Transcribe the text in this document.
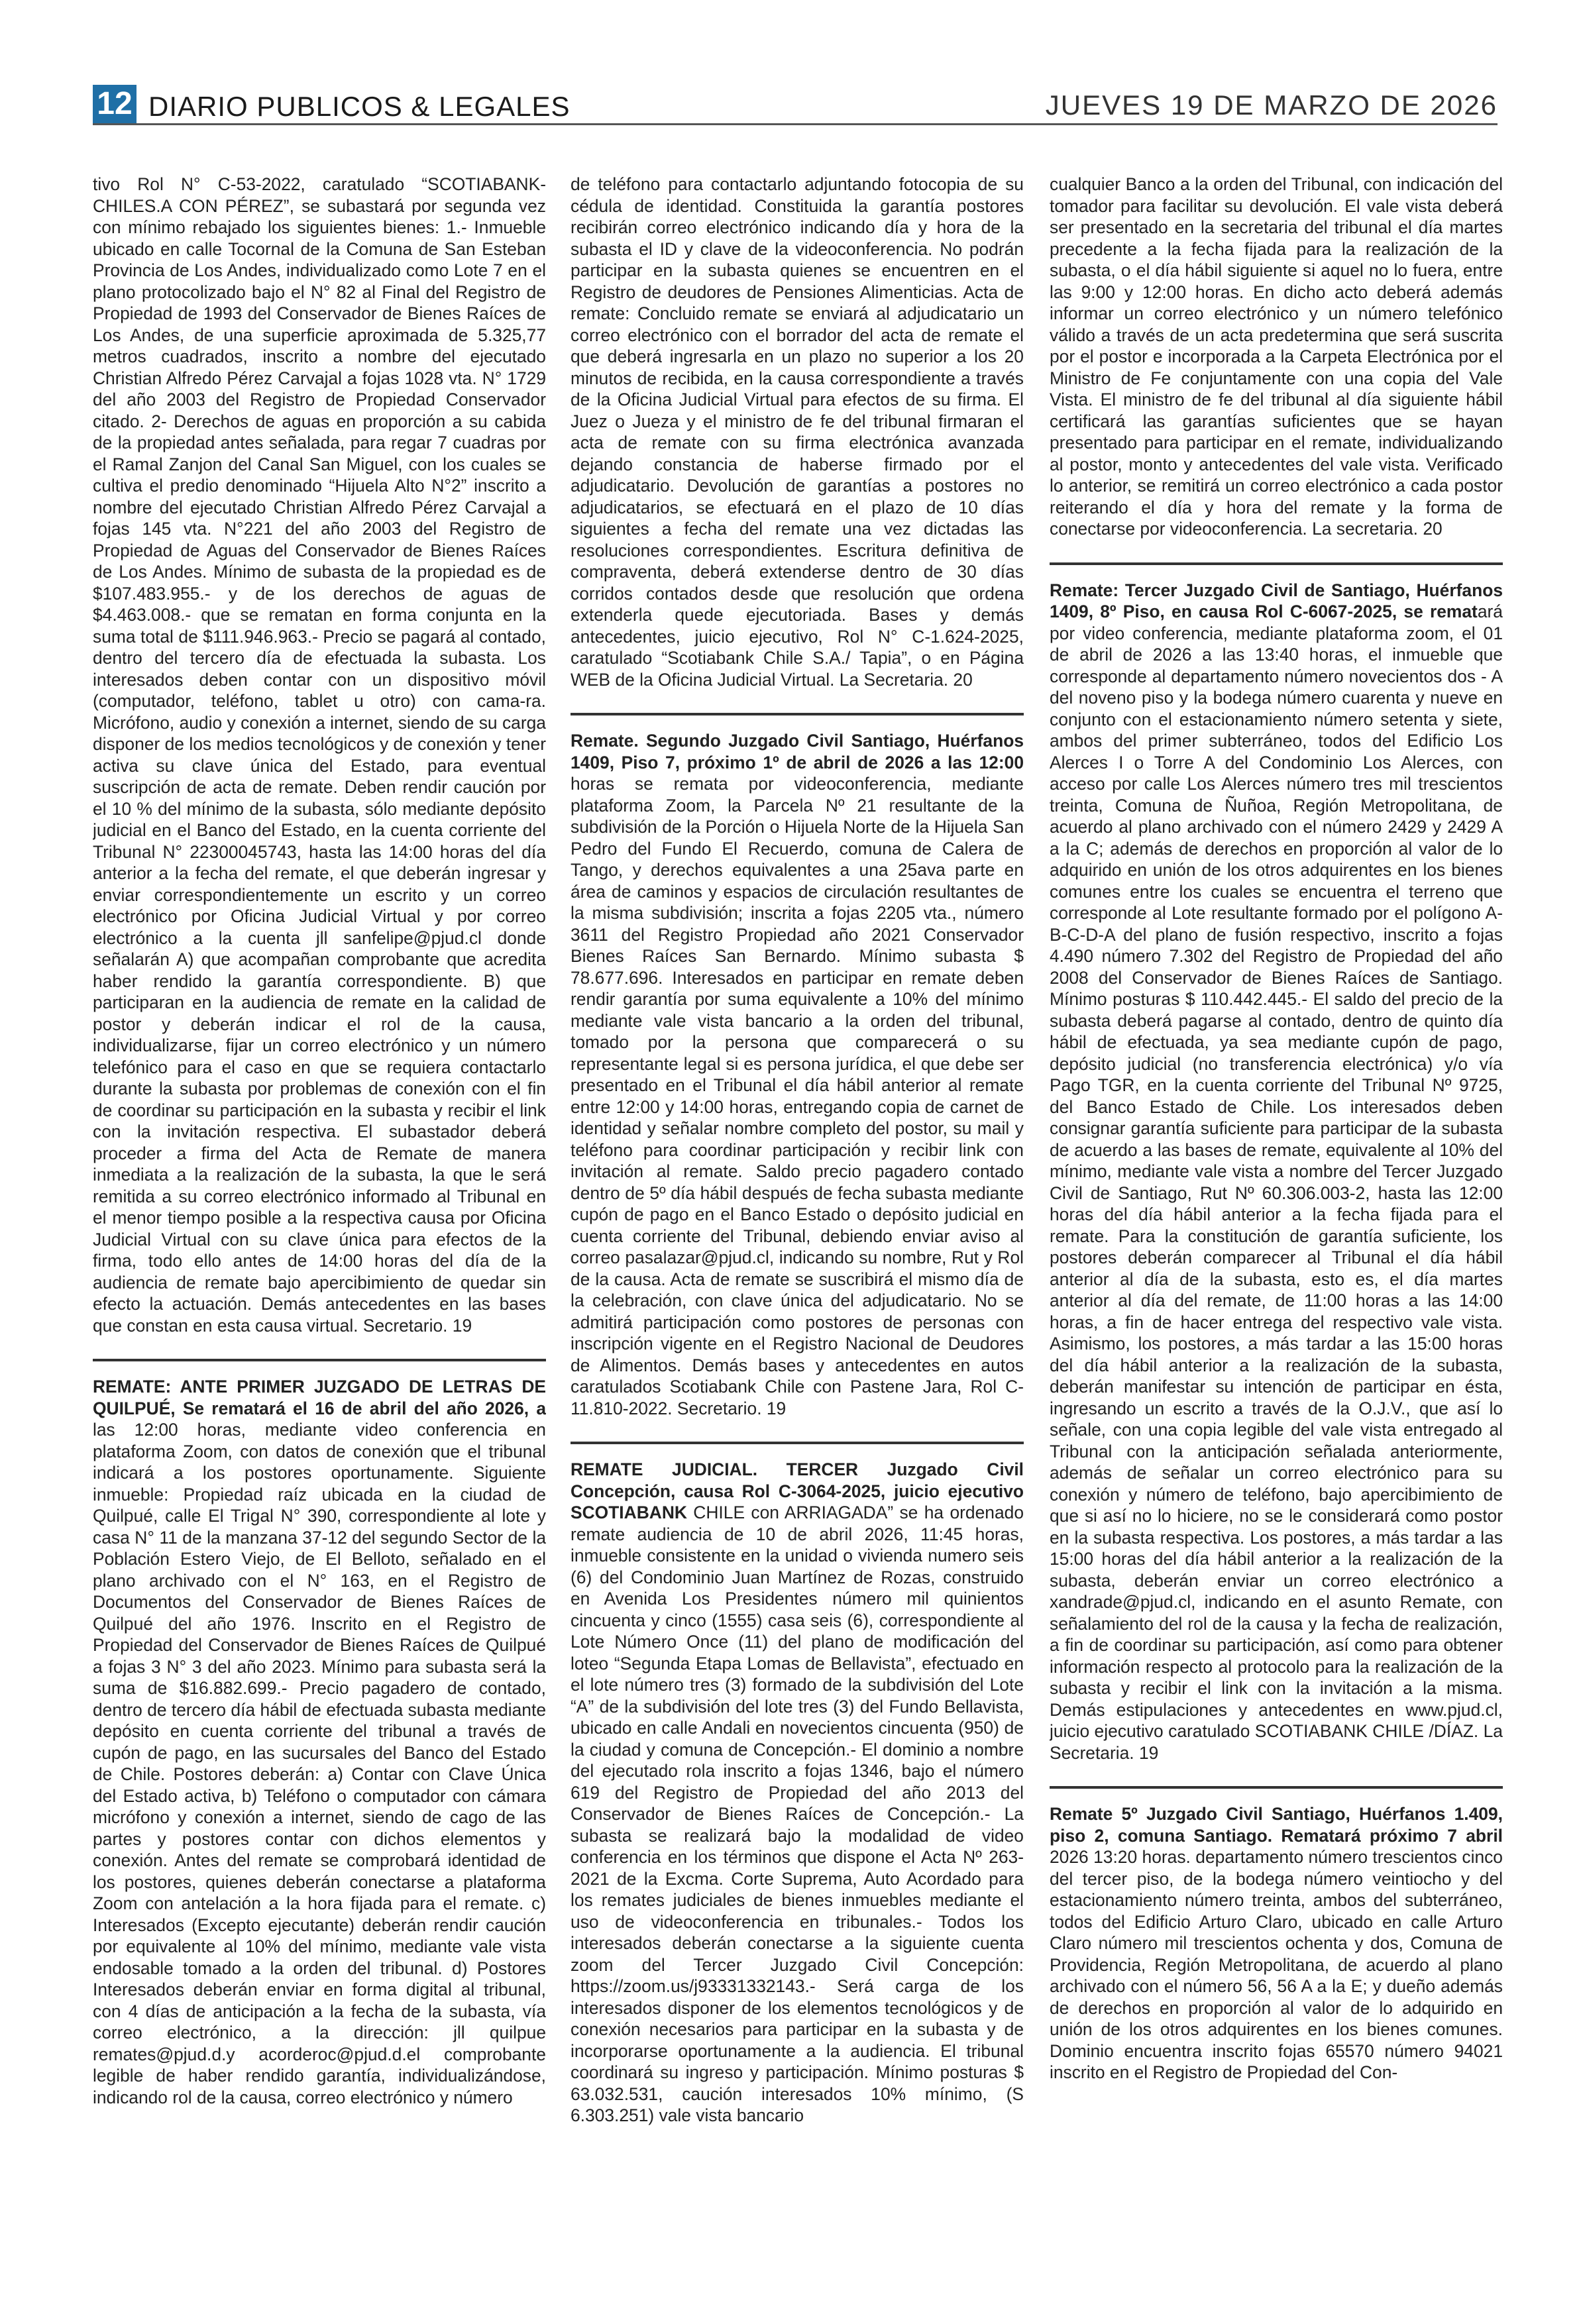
12 DIARIO PUBLICOS & LEGALES	JUEVES 19 DE MARZO DE 2026

tivo Rol N° C-53-2022, caratulado “SCOTIABANK- CHILES.A CON PÉREZ”, se subastará por segunda vez con mínimo rebajado los siguientes bienes: 1.- Inmueble ubicado en calle Tocornal de la Comuna de San Esteban Provincia de Los Andes, individualizado como Lote 7 en el plano protocolizado bajo el N° 82 al Final del Registro de Propiedad de 1993 del Conservador de Bienes Raíces de Los Andes, de una superficie aproximada de 5.325,77 metros cuadrados, inscrito a nombre del ejecutado Christian Alfredo Pérez Carvajal a fojas 1028 vta. N° 1729 del año 2003 del Registro de Propiedad Conservador citado. 2- Derechos de aguas en proporción a su cabida de la propiedad antes señalada, para regar 7 cuadras por el Ramal Zanjon del Canal San Miguel, con los cuales se cultiva el predio denominado “Hijuela Alto N°2” inscrito a nombre del ejecutado Christian Alfredo Pérez Carvajal a fojas 145 vta. N°221 del año 2003 del Registro de Propiedad de Aguas del Conservador de Bienes Raíces de Los Andes. Mínimo de subasta de la propiedad es de $107.483.955.- y de los derechos de aguas de $4.463.008.- que se rematan en forma conjunta en la suma total de $111.946.963.- Precio se pagará al contado, dentro del tercero día de efectuada la subasta. Los interesados deben contar con un dispositivo móvil (computador, teléfono, tablet u otro) con cama-ra. Micrófono, audio y conexión a internet, siendo de su carga disponer de los medios tecnológicos y de conexión y tener activa su clave única del Estado, para eventual suscripción de acta de remate. Deben rendir caución por el 10 % del mínimo de la subasta, sólo mediante depósito judicial en el Banco del Estado, en la cuenta corriente del Tribunal N° 22300045743, hasta las 14:00 horas del día anterior a la fecha del remate, el que deberán ingresar y enviar correspondientemente un escrito y un correo electrónico por Oficina Judicial Virtual y por correo electrónico a la cuenta jll sanfelipe@pjud.cl donde señalarán A) que acompañan comprobante que acredita haber rendido la garantía correspondiente. B) que participaran en la audiencia de remate en la calidad de postor y deberán indicar el rol de la causa, individualizarse, fijar un correo electrónico y un número telefónico para el caso en que se requiera contactarlo durante la subasta por problemas de conexión con el fin de coordinar su participación en la subasta y recibir el link con la invitación respectiva. El subastador deberá proceder a firma del Acta de Remate de manera inmediata a la realización de la subasta, la que le será remitida a su correo electrónico informado al Tribunal en el menor tiempo posible a la respectiva causa por Oficina Judicial Virtual con su clave única para efectos de la firma, todo ello antes de 14:00 horas del día de la audiencia de remate bajo apercibimiento de quedar sin efecto la actuación. Demás antecedentes en las bases que constan en esta causa virtual. Secretario. 19

REMATE: ANTE PRIMER JUZGADO DE LETRAS DE QUILPUÉ, Se rematará el 16 de abril del año 2026, a las 12:00 horas, mediante video conferencia en plataforma Zoom, con datos de conexión que el tribunal indicará a los postores oportunamente. Siguiente inmueble: Propiedad raíz ubicada en la ciudad de Quilpué, calle El Trigal N° 390, correspondiente al lote y casa N° 11 de la manzana 37-12 del segundo Sector de la Población Estero Viejo, de El Belloto, señalado en el plano archivado con el N° 163, en el Registro de Documentos del Conservador de Bienes Raíces de Quilpué del año 1976. Inscrito en el Registro de Propiedad del Conservador de Bienes Raíces de Quilpué a fojas 3 N° 3 del año 2023. Mínimo para subasta será la suma de $16.882.699.- Precio pagadero de contado, dentro de tercero día hábil de efectuada subasta mediante depósito en cuenta corriente del tribunal a través de cupón de pago, en las sucursales del Banco del Estado de Chile. Postores deberán: a) Contar con Clave Única del Estado activa, b) Teléfono o computador con cámara micrófono y conexión a internet, siendo de cago de las partes y postores contar con dichos elementos y conexión. Antes del remate se comprobará identidad de los postores, quienes deberán conectarse a plataforma Zoom con antelación a la hora fijada para el remate. c) Interesados (Excepto ejecutante) deberán rendir caución por equivalente al 10% del mínimo, mediante vale vista endosable tomado a la orden del tribunal. d) Postores Interesados deberán enviar en forma digital al tribunal, con 4 días de anticipación a la fecha de la subasta, vía correo electrónico, a la dirección: jll quilpue remates@pjud.d.y acorderoc@pjud.d.el comprobante legible de haber rendido garantía, individualizándose, indicando rol de la causa, correo electrónico y número

de teléfono para contactarlo adjuntando fotocopia de su cédula de identidad. Constituida la garantía postores recibirán correo electrónico indicando día y hora de la subasta el ID y clave de la videoconferencia. No podrán participar en la subasta quienes se encuentren en el Registro de deudores de Pensiones Alimenticias. Acta de remate: Concluido remate se enviará al adjudicatario un correo electrónico con el borrador del acta de remate el que deberá ingresarla en un plazo no superior a los 20 minutos de recibida, en la causa correspondiente a través de la Oficina Judicial Virtual para efectos de su firma. El Juez o Jueza y el ministro de fe del tribunal firmaran el acta de remate con su firma electrónica avanzada dejando constancia de haberse firmado por el adjudicatario. Devolución de garantías a postores no adjudicatarios, se efectuará en el plazo de 10 días siguientes a fecha del remate una vez dictadas las resoluciones correspondientes. Escritura definitiva de compraventa, deberá extenderse dentro de 30 días corridos contados desde que resolución que ordena extenderla quede ejecutoriada. Bases y demás antecedentes, juicio ejecutivo, Rol N° C-1.624-2025, caratulado “Scotiabank Chile S.A./ Tapia”, o en Página WEB de la Oficina Judicial Virtual. La Secretaria. 20

Remate. Segundo Juzgado Civil Santiago, Huérfanos 1409, Piso 7, próximo 1º de abril de 2026 a las 12:00 horas se remata por videoconferencia, mediante plataforma Zoom, la Parcela Nº 21 resultante de la subdivisión de la Porción o Hijuela Norte de la Hijuela San Pedro del Fundo El Recuerdo, comuna de Calera de Tango, y derechos equivalentes a una 25ava parte en área de caminos y espacios de circulación resultantes de la misma subdivisión; inscrita a fojas 2205 vta., número 3611 del Registro Propiedad año 2021 Conservador Bienes Raíces San Bernardo. Mínimo subasta $ 78.677.696. Interesados en participar en remate deben rendir garantía por suma equivalente a 10% del mínimo mediante vale vista bancario a la orden del tribunal, tomado por la persona que comparecerá o su representante legal si es persona jurídica, el que debe ser presentado en el Tribunal el día hábil anterior al remate entre 12:00 y 14:00 horas, entregando copia de carnet de identidad y señalar nombre completo del postor, su mail y teléfono para coordinar participación y recibir link con invitación al remate. Saldo precio pagadero contado dentro de 5º día hábil después de fecha subasta mediante cupón de pago en el Banco Estado o depósito judicial en cuenta corriente del Tribunal, debiendo enviar aviso al correo pasalazar@pjud.cl, indicando su nombre, Rut y Rol de la causa. Acta de remate se suscribirá el mismo día de la celebración, con clave única del adjudicatario. No se admitirá participación como postores de personas con inscripción vigente en el Registro Nacional de Deudores de Alimentos. Demás bases y antecedentes en autos caratulados Scotiabank Chile con Pastene Jara, Rol C-11.810-2022. Secretario. 19

REMATE JUDICIAL. TERCER Juzgado Civil Concepción, causa Rol C-3064-2025, juicio ejecutivo SCOTIABANK CHILE con ARRIAGADA” se ha ordenado remate audiencia de 10 de abril 2026, 11:45 horas, inmueble consistente en la unidad o vivienda numero seis (6) del Condominio Juan Martínez de Rozas, construido en Avenida Los Presidentes número mil quinientos cincuenta y cinco (1555) casa seis (6), correspondiente al Lote Número Once (11) del plano de modificación del loteo “Segunda Etapa Lomas de Bellavista”, efectuado en el lote número tres (3) formado de la subdivisión del Lote “A” de la subdivisión del lote tres (3) del Fundo Bellavista, ubicado en calle Andali en novecientos cincuenta (950) de la ciudad y comuna de Concepción.- El dominio a nombre del ejecutado rola inscrito a fojas 1346, bajo el número 619 del Registro de Propiedad del año 2013 del Conservador de Bienes Raíces de Concepción.- La subasta se realizará bajo la modalidad de video conferencia en los términos que dispone el Acta Nº 263-2021 de la Excma. Corte Suprema, Auto Acordado para los remates judiciales de bienes inmuebles mediante el uso de videoconferencia en tribunales.- Todos los interesados deberán conectarse a la siguiente cuenta zoom del Tercer Juzgado Civil Concepción: https://zoom.us/j93331332143.- Será carga de los interesados disponer de los elementos tecnológicos y de conexión necesarios para participar en la subasta y de incorporarse oportunamente a la audiencia. El tribunal coordinará su ingreso y participación. Mínimo posturas $ 63.032.531, caución interesados 10% mínimo, (S 6.303.251) vale vista bancario

cualquier Banco a la orden del Tribunal, con indicación del tomador para facilitar su devolución. El vale vista deberá ser presentado en la secretaria del tribunal el día martes precedente a la fecha fijada para la realización de la subasta, o el día hábil siguiente si aquel no lo fuera, entre las 9:00 y 12:00 horas. En dicho acto deberá además informar un correo electrónico y un número telefónico válido a través de un acta predetermina que será suscrita por el postor e incorporada a la Carpeta Electrónica por el Ministro de Fe conjuntamente con una copia del Vale Vista. El ministro de fe del tribunal al día siguiente hábil certificará las garantías suficientes que se hayan presentado para participar en el remate, individualizando al postor, monto y antecedentes del vale vista. Verificado lo anterior, se remitirá un correo electrónico a cada postor reiterando el día y hora del remate y la forma de conectarse por videoconferencia. La secretaria. 20

Remate: Tercer Juzgado Civil de Santiago, Huérfanos 1409, 8º Piso, en causa Rol C-6067-2025, se rematará por video conferencia, mediante plataforma zoom, el 01 de abril de 2026 a las 13:40 horas, el inmueble que corresponde al departamento número novecientos dos - A del noveno piso y la bodega número cuarenta y nueve en conjunto con el estacionamiento número setenta y siete, ambos del primer subterráneo, todos del Edificio Los Alerces I o Torre A del Condominio Los Alerces, con acceso por calle Los Alerces número tres mil trescientos treinta, Comuna de Ñuñoa, Región Metropolitana, de acuerdo al plano archivado con el número 2429 y 2429 A a la C; además de derechos en proporción al valor de lo adquirido en unión de los otros adquirentes en los bienes comunes entre los cuales se encuentra el terreno que corresponde al Lote resultante formado por el polígono A-B-C-D-A del plano de fusión respectivo, inscrito a fojas 4.490 número 7.302 del Registro de Propiedad del año 2008 del Conservador de Bienes Raíces de Santiago. Mínimo posturas $ 110.442.445.- El saldo del precio de la subasta deberá pagarse al contado, dentro de quinto día hábil de efectuada, ya sea mediante cupón de pago, depósito judicial (no transferencia electrónica) y/o vía Pago TGR, en la cuenta corriente del Tribunal Nº 9725, del Banco Estado de Chile. Los interesados deben consignar garantía suficiente para participar de la subasta de acuerdo a las bases de remate, equivalente al 10% del mínimo, mediante vale vista a nombre del Tercer Juzgado Civil de Santiago, Rut Nº 60.306.003-2, hasta las 12:00 horas del día hábil anterior a la fecha fijada para el remate. Para la constitución de garantía suficiente, los postores deberán comparecer al Tribunal el día hábil anterior al día de la subasta, esto es, el día martes anterior al día del remate, de 11:00 horas a las 14:00 horas, a fin de hacer entrega del respectivo vale vista. Asimismo, los postores, a más tardar a las 15:00 horas del día hábil anterior a la realización de la subasta, deberán manifestar su intención de participar en ésta, ingresando un escrito a través de la O.J.V., que así lo señale, con una copia legible del vale vista entregado al Tribunal con la anticipación señalada anteriormente, además de señalar un correo electrónico para su conexión y número de teléfono, bajo apercibimiento de que si así no lo hiciere, no se le considerará como postor en la subasta respectiva. Los postores, a más tardar a las 15:00 horas del día hábil anterior a la realización de la subasta, deberán enviar un correo electrónico a xandrade@pjud.cl, indicando en el asunto Remate, con señalamiento del rol de la causa y la fecha de realización, a fin de coordinar su participación, así como para obtener información respecto al protocolo para la realización de la subasta y recibir el link con la invitación a la misma. Demás estipulaciones y antecedentes en www.pjud.cl, juicio ejecutivo caratulado SCOTIABANK CHILE /DÍAZ. La Secretaria. 19

Remate 5º Juzgado Civil Santiago, Huérfanos 1.409, piso 2, comuna Santiago. Rematará próximo 7 abril 2026 13:20 horas. departamento número trescientos cinco del tercer piso, de la bodega número veintiocho y del estacionamiento número treinta, ambos del subterráneo, todos del Edificio Arturo Claro, ubicado en calle Arturo Claro número mil trescientos ochenta y dos, Comuna de Providencia, Región Metropolitana, de acuerdo al plano archivado con el número 56, 56 A a la E; y dueño además de derechos en proporción al valor de lo adquirido en unión de los otros adquirentes en los bienes comunes. Dominio encuentra inscrito fojas 65570 número 94021 inscrito en el Registro de Propiedad del Con-
